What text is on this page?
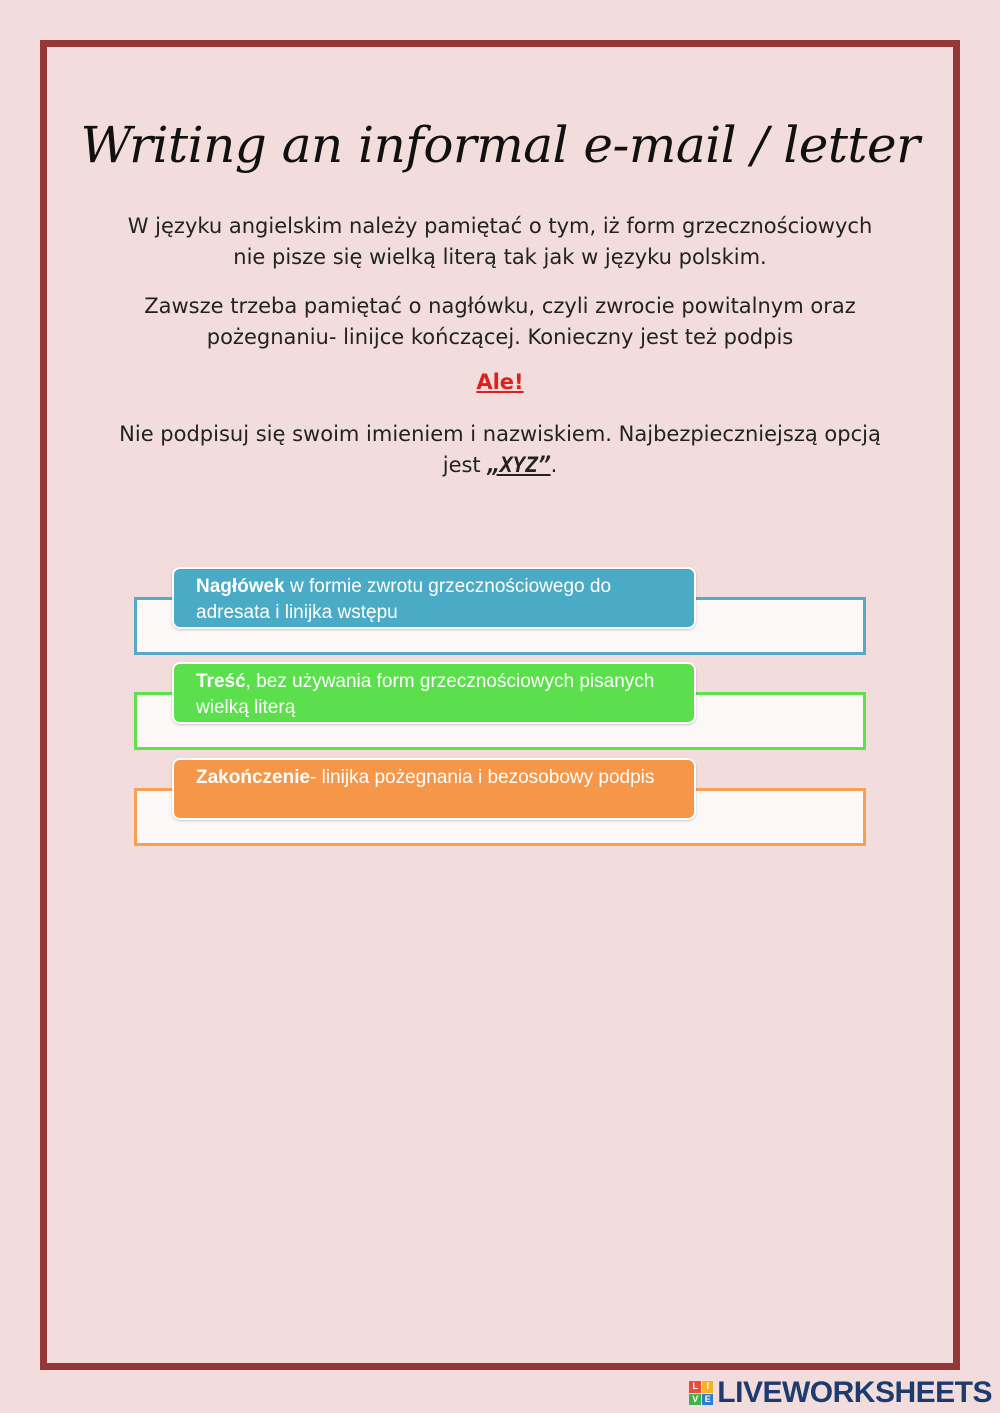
Writing an informal e-mail / letter
W języku angielskim należy pamiętać o tym, iż form grzecznościowych nie pisze się wielką literą tak jak w języku polskim.
Zawsze trzeba pamiętać o nagłówku, czyli zwrocie powitalnym oraz pożegnaniu- linijce kończącej. Konieczny jest też podpis
Ale!
Nie podpisuj się swoim imieniem i nazwiskiem. Najbezpieczniejszą opcją jest „XYZ”.
Nagłówek w formie zwrotu grzecznościowego do adresata i linijka wstępu
Treść, bez używania form grzecznościowych pisanych wielką literą
Zakończenie- linijka pożegnania i bezosobowy podpis
L I
V E LIVEWORKSHEETS
